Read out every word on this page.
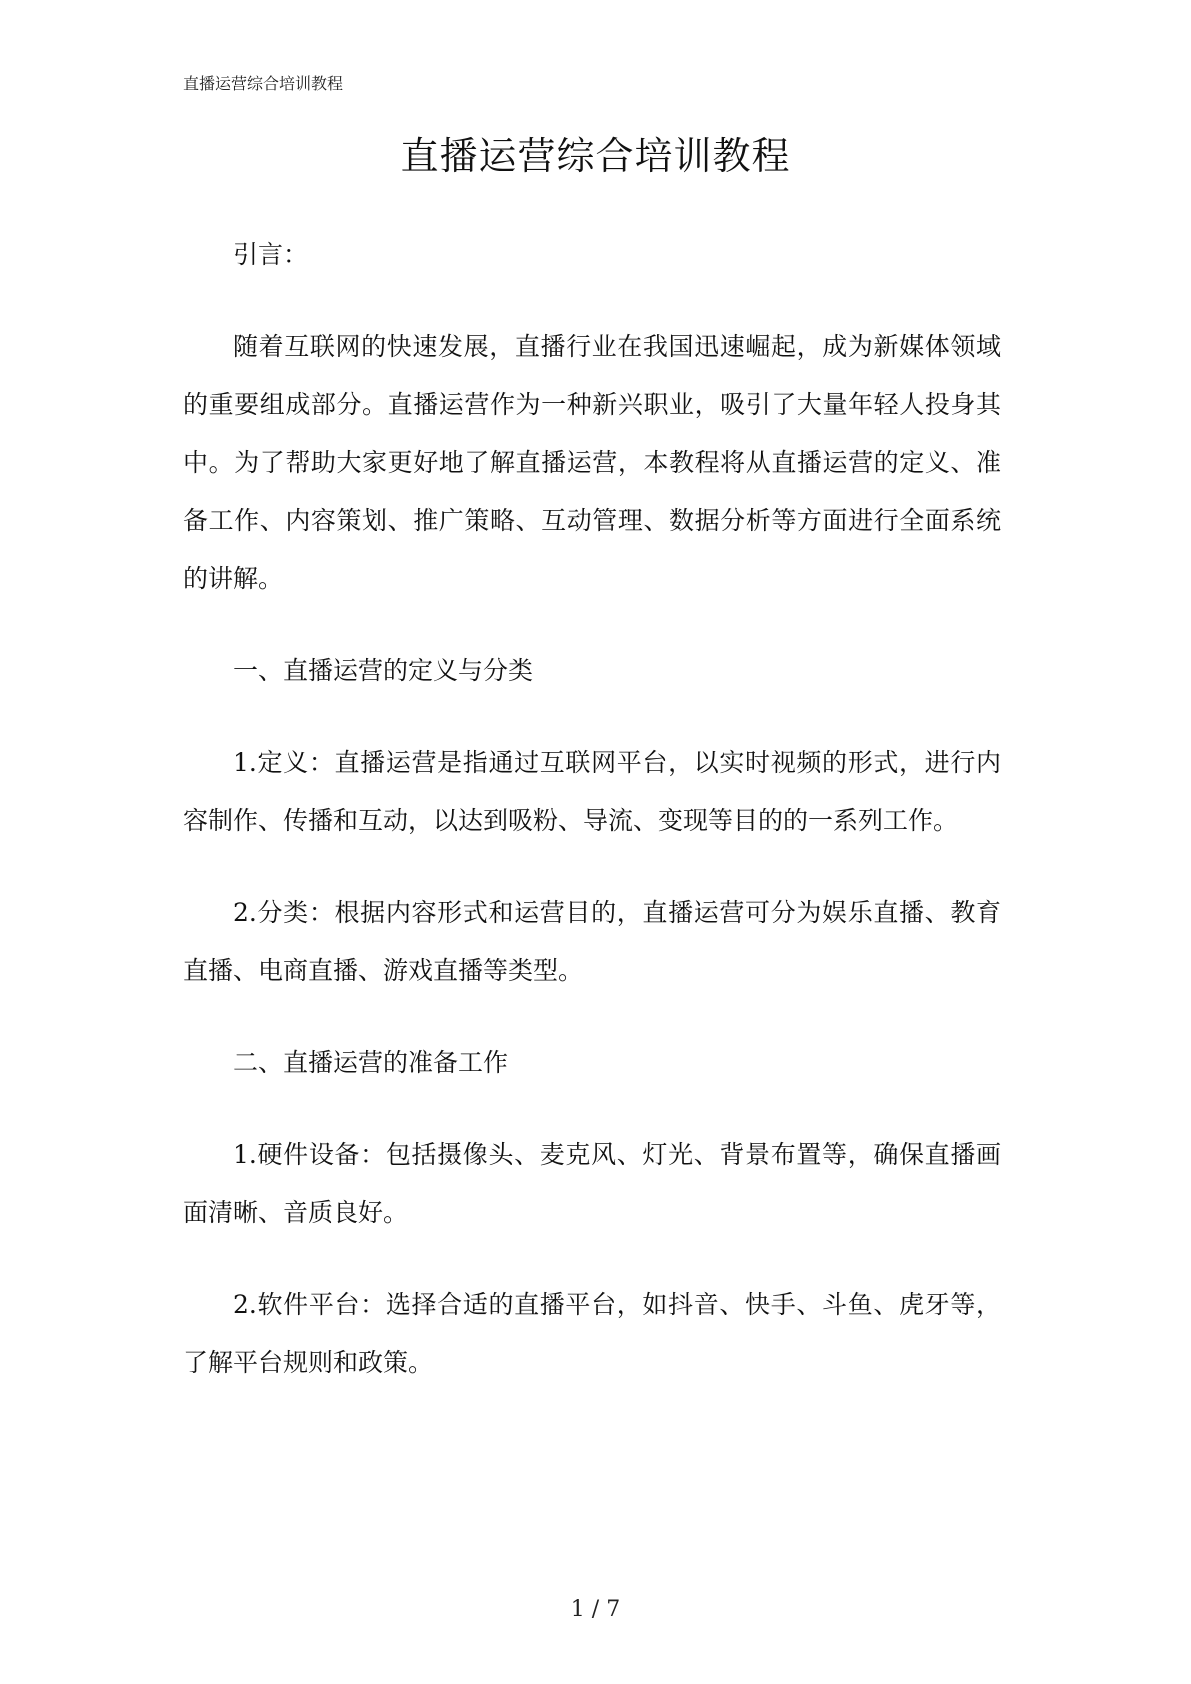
直播运营综合培训教程
直播运营综合培训教程

引言：

随着互联网的快速发展，直播行业在我国迅速崛起，成为新媒体领域的重要组成部分。直播运营作为一种新兴职业，吸引了大量年轻人投身其中。为了帮助大家更好地了解直播运营，本教程将从直播运营的定义、准备工作、内容策划、推广策略、互动管理、数据分析等方面进行全面系统的讲解。

一、直播运营的定义与分类

1.定义：直播运营是指通过互联网平台，以实时视频的形式，进行内容制作、传播和互动，以达到吸粉、导流、变现等目的的一系列工作。

2.分类：根据内容形式和运营目的，直播运营可分为娱乐直播、教育直播、电商直播、游戏直播等类型。

二、直播运营的准备工作

1.硬件设备：包括摄像头、麦克风、灯光、背景布置等，确保直播画面清晰、音质良好。

2.软件平台：选择合适的直播平台，如抖音、快手、斗鱼、虎牙等，了解平台规则和政策。

1 / 7
